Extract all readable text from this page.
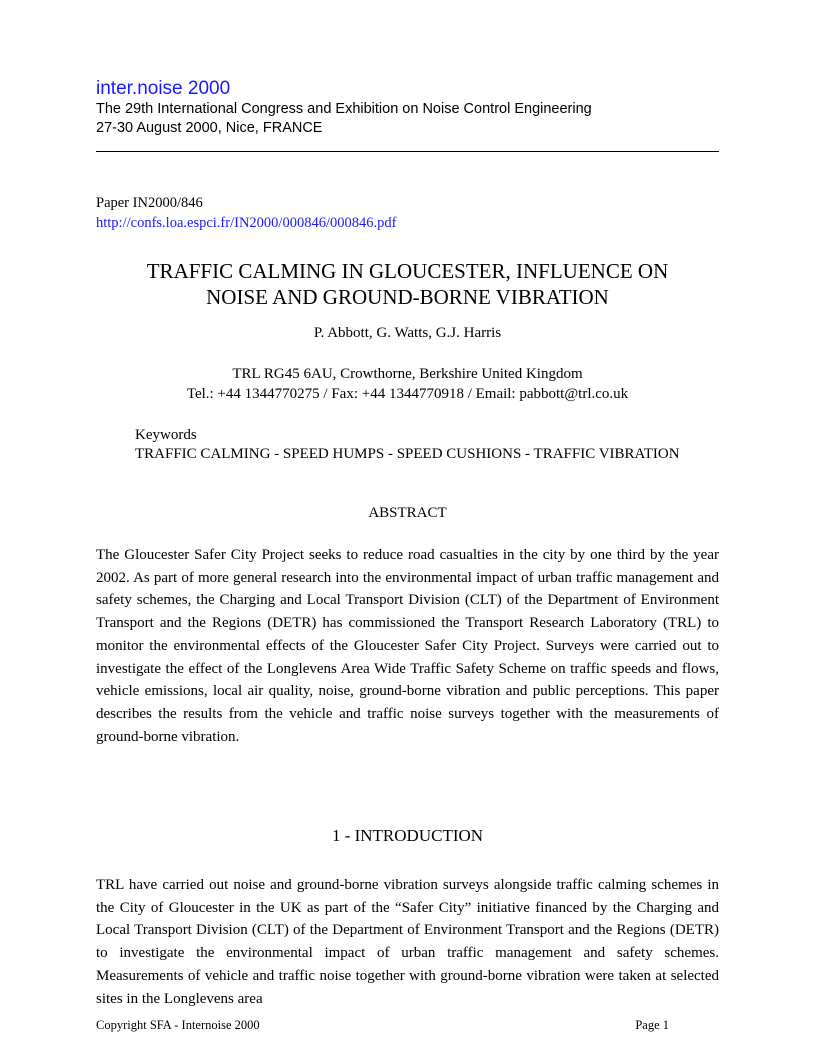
inter.noise 2000
The 29th International Congress and Exhibition on Noise Control Engineering
27-30 August 2000, Nice, FRANCE
Paper IN2000/846
http://confs.loa.espci.fr/IN2000/000846/000846.pdf
TRAFFIC CALMING IN GLOUCESTER, INFLUENCE ON
NOISE AND GROUND-BORNE VIBRATION
P. Abbott, G. Watts, G.J. Harris
TRL RG45 6AU, Crowthorne, Berkshire United Kingdom
Tel.: +44 1344770275 / Fax: +44 1344770918 / Email: pabbott@trl.co.uk
Keywords
TRAFFIC CALMING - SPEED HUMPS - SPEED CUSHIONS - TRAFFIC VIBRATION
ABSTRACT
The Gloucester Safer City Project seeks to reduce road casualties in the city by one third by the year 2002. As part of more general research into the environmental impact of urban traffic management and safety schemes, the Charging and Local Transport Division (CLT) of the Department of Environment Transport and the Regions (DETR) has commissioned the Transport Research Laboratory (TRL) to monitor the environmental effects of the Gloucester Safer City Project. Surveys were carried out to investigate the effect of the Longlevens Area Wide Traffic Safety Scheme on traffic speeds and flows, vehicle emissions, local air quality, noise, ground-borne vibration and public perceptions. This paper describes the results from the vehicle and traffic noise surveys together with the measurements of ground-borne vibration.
1 - INTRODUCTION
TRL have carried out noise and ground-borne vibration surveys alongside traffic calming schemes in the City of Gloucester in the UK as part of the “Safer City” initiative financed by the Charging and Local Transport Division (CLT) of the Department of Environment Transport and the Regions (DETR) to investigate the environmental impact of urban traffic management and safety schemes. Measurements of vehicle and traffic noise together with ground-borne vibration were taken at selected sites in the Longlevens area
Copyright SFA - Internoise 2000	Page 1
